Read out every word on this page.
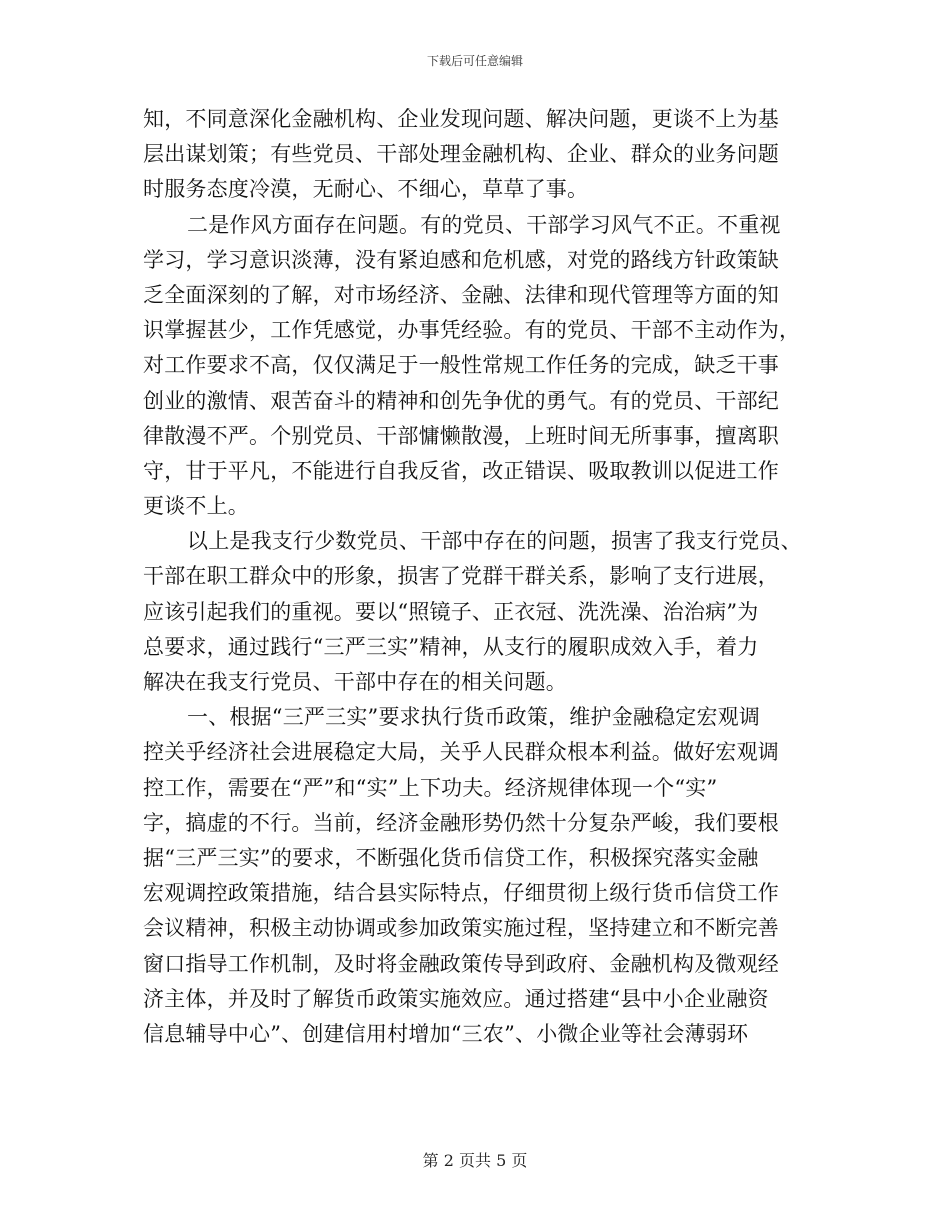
下载后可任意编辑
知，不同意深化金融机构、企业发现问题、解决问题，更谈不上为基
层出谋划策；有些党员、干部处理金融机构、企业、群众的业务问题
时服务态度冷漠，无耐心、不细心，草草了事。
二是作风方面存在问题。有的党员、干部学习风气不正。不重视
学习，学习意识淡薄，没有紧迫感和危机感，对党的路线方针政策缺
乏全面深刻的了解，对市场经济、金融、法律和现代管理等方面的知
识掌握甚少，工作凭感觉，办事凭经验。有的党员、干部不主动作为，
对工作要求不高，仅仅满足于一般性常规工作任务的完成，缺乏干事
创业的激情、艰苦奋斗的精神和创先争优的勇气。有的党员、干部纪
律散漫不严。个别党员、干部慵懒散漫，上班时间无所事事，擅离职
守，甘于平凡，不能进行自我反省，改正错误、吸取教训以促进工作
更谈不上。
以上是我支行少数党员、干部中存在的问题，损害了我支行党员、
干部在职工群众中的形象，损害了党群干群关系，影响了支行进展，
应该引起我们的重视。要以“照镜子、正衣冠、洗洗澡、治治病”为
总要求，通过践行“三严三实”精神，从支行的履职成效入手，着力
解决在我支行党员、干部中存在的相关问题。
一、根据“三严三实”要求执行货币政策，维护金融稳定宏观调
控关乎经济社会进展稳定大局，关乎人民群众根本利益。做好宏观调
控工作，需要在“严”和“实”上下功夫。经济规律体现一个“实”
字，搞虚的不行。当前，经济金融形势仍然十分复杂严峻，我们要根
据“三严三实”的要求，不断强化货币信贷工作，积极探究落实金融
宏观调控政策措施，结合县实际特点，仔细贯彻上级行货币信贷工作
会议精神，积极主动协调或参加政策实施过程，坚持建立和不断完善
窗口指导工作机制，及时将金融政策传导到政府、金融机构及微观经
济主体，并及时了解货币政策实施效应。通过搭建“县中小企业融资
信息辅导中心”、创建信用村增加“三农”、小微企业等社会薄弱环
第 2 页共 5 页
